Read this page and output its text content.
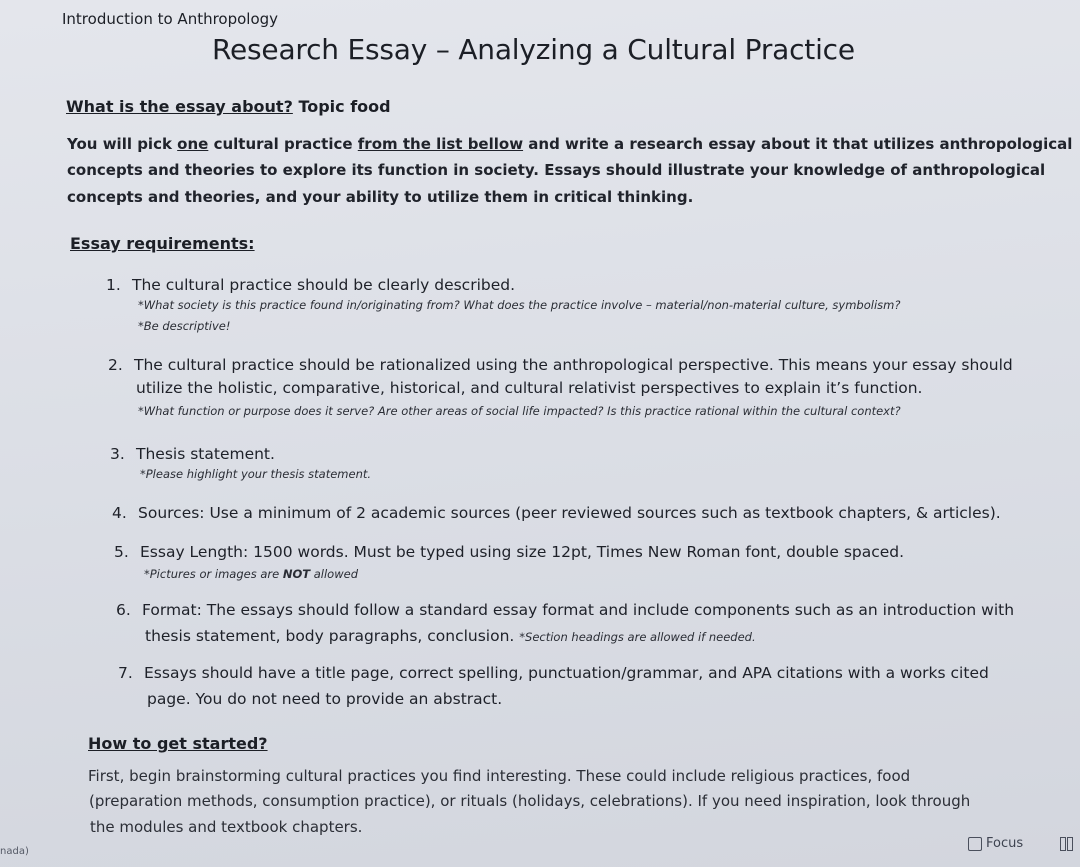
Introduction to Anthropology
Research Essay – Analyzing a Cultural Practice
What is the essay about? Topic food
You will pick one cultural practice from the list bellow and write a research essay about it that utilizes anthropological
concepts and theories to explore its function in society. Essays should illustrate your knowledge of anthropological
concepts and theories, and your ability to utilize them in critical thinking.
Essay requirements:
1. The cultural practice should be clearly described.
*What society is this practice found in/originating from? What does the practice involve – material/non-material culture, symbolism?
*Be descriptive!
2. The cultural practice should be rationalized using the anthropological perspective. This means your essay should
utilize the holistic, comparative, historical, and cultural relativist perspectives to explain it’s function.
*What function or purpose does it serve? Are other areas of social life impacted? Is this practice rational within the cultural context?
3. Thesis statement.
*Please highlight your thesis statement.
4. Sources: Use a minimum of 2 academic sources (peer reviewed sources such as textbook chapters, & articles).
5. Essay Length: 1500 words. Must be typed using size 12pt, Times New Roman font, double spaced.
*Pictures or images are NOT allowed
6. Format: The essays should follow a standard essay format and include components such as an introduction with
thesis statement, body paragraphs, conclusion. *Section headings are allowed if needed.
7. Essays should have a title page, correct spelling, punctuation/grammar, and APA citations with a works cited
page. You do not need to provide an abstract.
How to get started?
First, begin brainstorming cultural practices you find interesting. These could include religious practices, food
(preparation methods, consumption practice), or rituals (holidays, celebrations). If you need inspiration, look through
the modules and textbook chapters.
nada)
Focus
